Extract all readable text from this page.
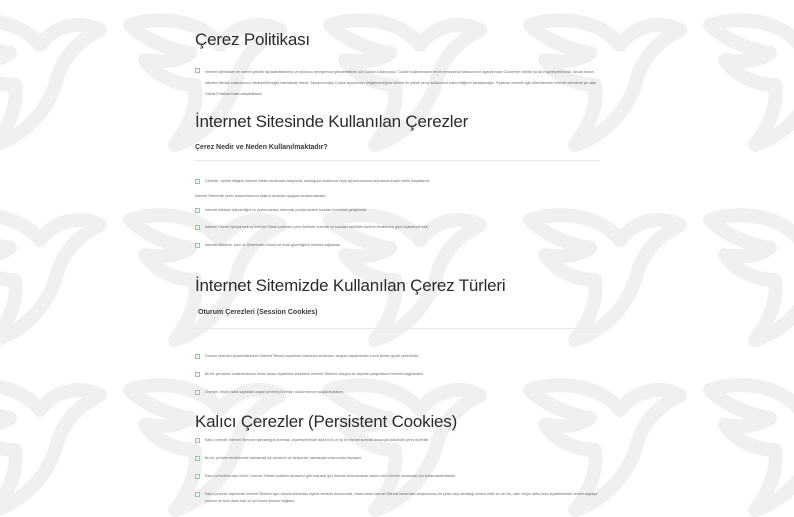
Çerez Politikası
İnternet sitemizden en verimli şekilde faydalanabilmeniz ve kullanıcı deneyiminizi geliştirebilmek için Cookie kullanıyoruz. Cookie kullanılmasını tercih etmezseniz tarayıcınızın ayarlarından Cookie'leri silebilir ya da engelleyebilirsiniz. Ancak bunun internet sitemizi kullanımınızı etkileyebileceğini hatırlatmak isteriz. Tarayıcınızdan Cookie ayarlarınızı değiştirmediğiniz sürece bu sitede çerez kullanımını kabul ettiğinizi varsayacağız. Toplanan verilerle ilgili düzenlemeler internet sitemizde yer alan Gizlilik Politikası'ndan ulaşabilirsiniz.
İnternet Sitesinde Kullanılan Çerezler
Çerez Nedir ve Neden Kullanılmaktadır?
Çerezler, ziyaret ettiğiniz internet siteleri tarafından tarayıcılar aracılığıyla cihazınıza veya ağ sunucusuna depolanan küçük metin dosyalarıdır.
İnternet Sitemizde çerez kullanılmasının başlıca amaçları aşağıda sıralanmaktadır:
İnternet sitesinin işlevselliğini ve performansını arttırmak yoluyla sizlere sunulan hizmetleri geliştirmek,
İnternet Sitesini iyileştirmek ve İnternet Sitesi üzerinden yeni özellikler sunmak ve sunulan özellikleri sizlerin tercihlerine göre kişiselleştirmek;
İnternet Sitesinin, sizin ve Şirketimizin hukuki ve ticari güvenliğinin teminini sağlamak.
İnternet Sitemizde Kullanılan Çerez Türleri
Oturum Çerezleri (Session Cookies)
Oturum çerezleri ziyaretçilerimizin İnternet Sitesini ziyaretleri süresince kullanılan, tarayıcı kapatıldıktan sonra silinen geçici çerezlerdir.
Bu tür çerezlerin kullanılmasının temel amacı ziyaretiniz süresince İnternet Sitesinin düzgün bir biçimde çalışmasının teminini sağlamaktır.
Örneğin; birden fazla sayfadan oluşan çevrimiçi formları doldurmanızın sağlanmaktadır.
Kalıcı Çerezler (Persistent Cookies)
Kalıcı çerezler İnternet Sitesinin işlevselliğini artırmak, ziyaretçilerimize daha hızlı ve iyi bir hizmet sunmak amacıyla kullanılan çerez türleridir.
Bu tür çerezler tercihlerinizi hatırlamak için kullanılır ve tarayıcılar vasıtasıyla cihazınızda depolanır.
Kalıcı çerezlerin bazı türleri; İnternet Sitesini kullanım amacınız gibi hususlar göz önünde bulundurarak sizlere özel öneriler sunulması için kullanılabilmektedir.
Kalıcı çerezler sayesinde İnternet Sitemizi aynı cihazla tekrardan ziyaret etmeniz durumunda, cihazınızda İnternet Sitemiz tarafından oluşturulmuş bir çerez olup olmadığı kontrol edilir ve var ise, sizin veriye daha önce ziyaretinizdeki verileri sayfaya yansıtır ve sizin daha hızlı ve iyi hizmet almanız sağlanır.
